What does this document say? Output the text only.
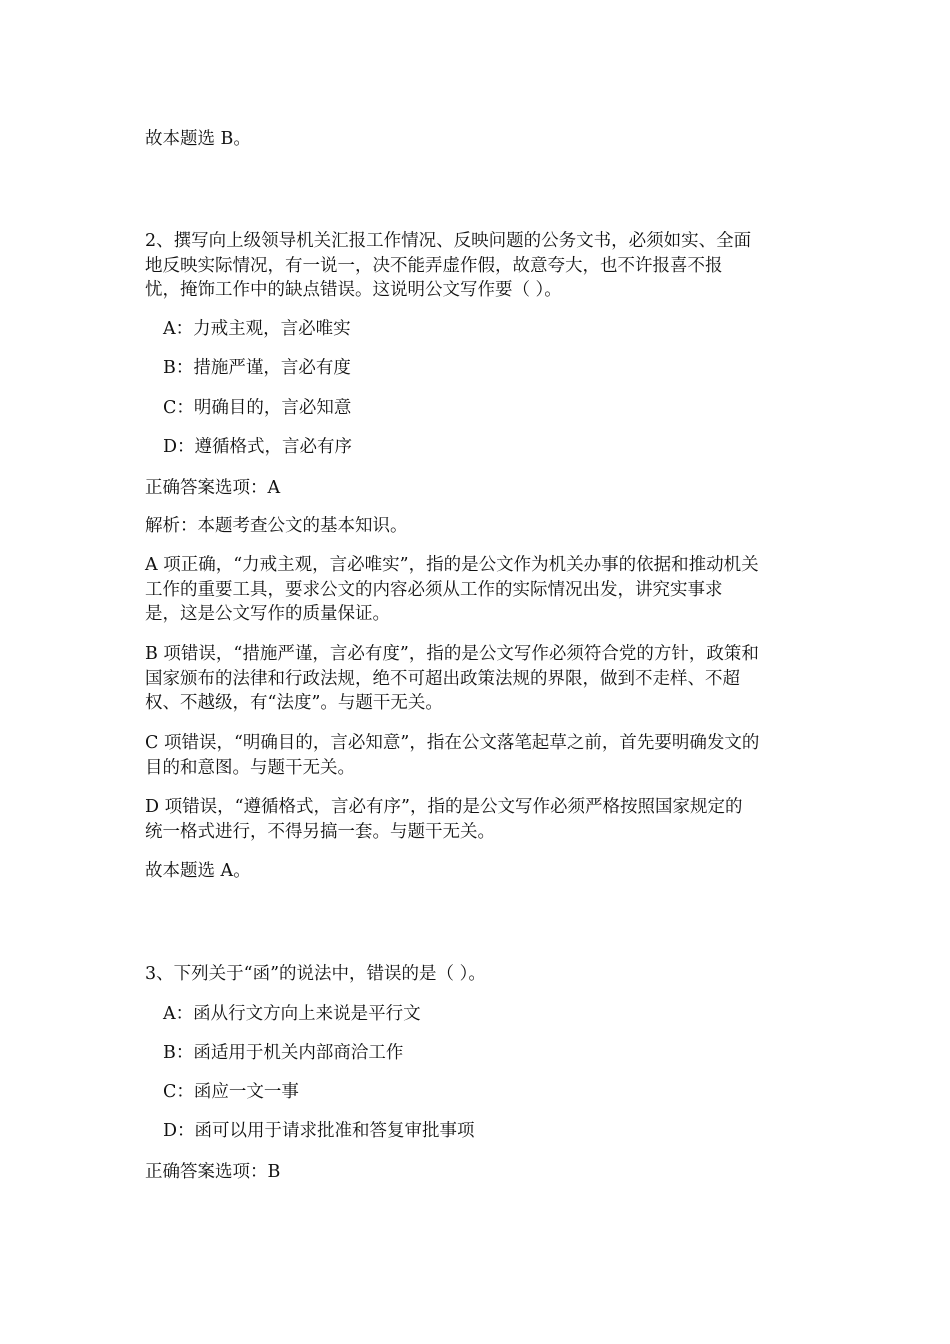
故本题选 B。
2、撰写向上级领导机关汇报工作情况、反映问题的公务文书，必须如实、全面
地反映实际情况，有一说一，决不能弄虚作假，故意夸大，也不许报喜不报
忧，掩饰工作中的缺点错误。这说明公文写作要（ ）。
A：力戒主观，言必唯实
B：措施严谨，言必有度
C：明确目的，言必知意
D：遵循格式，言必有序
正确答案选项：A
解析：本题考查公文的基本知识。
A 项正确，“力戒主观，言必唯实”，指的是公文作为机关办事的依据和推动机关
工作的重要工具，要求公文的内容必须从工作的实际情况出发，讲究实事求
是，这是公文写作的质量保证。
B 项错误，“措施严谨，言必有度”，指的是公文写作必须符合党的方针，政策和
国家颁布的法律和行政法规，绝不可超出政策法规的界限，做到不走样、不超
权、不越级，有“法度”。与题干无关。
C 项错误，“明确目的，言必知意”，指在公文落笔起草之前，首先要明确发文的
目的和意图。与题干无关。
D 项错误，“遵循格式，言必有序”，指的是公文写作必须严格按照国家规定的
统一格式进行，不得另搞一套。与题干无关。
故本题选 A。
3、下列关于“函”的说法中，错误的是（ ）。
A：函从行文方向上来说是平行文
B：函适用于机关内部商洽工作
C：函应一文一事
D：函可以用于请求批准和答复审批事项
正确答案选项：B
